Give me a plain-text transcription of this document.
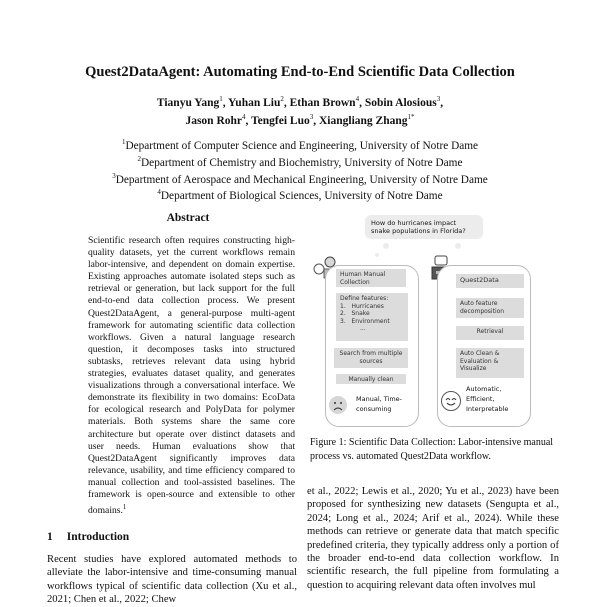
Quest2DataAgent: Automating End-to-End Scientific Data Collection
Tianyu Yang$^1$, Yuhan Liu$^2$, Ethan Brown$^4$, Sobin Alosious$^3$,
Jason Rohr$^4$, Tengfei Luo$^3$, Xiangliang Zhang$^{1*}$
$^1$Department of Computer Science and Engineering, University of Notre Dame
$^2$Department of Chemistry and Biochemistry, University of Notre Dame
$^3$Department of Aerospace and Mechanical Engineering, University of Notre Dame
$^4$Department of Biological Sciences, University of Notre Dame
Abstract
Scientific research often requires constructing high-quality datasets, yet the current workflows remain labor-intensive, and dependent on domain expertise. Existing approaches automate isolated steps such as retrieval or generation, but lack support for the full end-to-end data collection process. We present Quest2DataAgent, a general-purpose multi-agent framework for automating scientific data collection workflows. Given a natural language research question, it decomposes tasks into structured subtasks, retrieves relevant data using hybrid strategies, evaluates dataset quality, and generates visualizations through a conversational interface. We demonstrate its flexibility in two domains: EcoData for ecological research and PolyData for polymer materials. Both systems share the same core architecture but operate over distinct datasets and user needs. Human evaluations show that Quest2DataAgent significantly improves data relevance, usability, and time efficiency compared to manual collection and tool-assisted baselines. The framework is open-source and extensible to other domains.$^1$
1 Introduction
Recent studies have explored automated methods to alleviate the labor-intensive and time-consuming manual workflows typical of scientific data collection (Xu et al., 2021; Chen et al., 2022; Chew
et al., 2022; Lewis et al., 2020; Yu et al., 2023) have been proposed for synthesizing new datasets (Sengupta et al., 2024; Long et al., 2024; Arif et al., 2024). While these methods can retrieve or generate data that match specific predefined criteria, they typically address only a portion of the broader end-to-end data collection workflow. In scientific research, the full pipeline from formulating a question to acquiring relevant data often involves mul
How do hurricanes impact snake populations in Florida?
Human Manual Collection
Define features:
1. Hurricanes
2. Snake
3. Environment
...
Search from multiple sources
Manually clean
Manual, Time-consuming
Quest2Data
Auto feature decomposition
Retrieval
Auto Clean & Evaluation & Visualize
Automatic, Efficient, Interpretable
Figure 1: Scientific Data Collection: Labor-intensive manual process vs. automated Quest2Data workflow.
